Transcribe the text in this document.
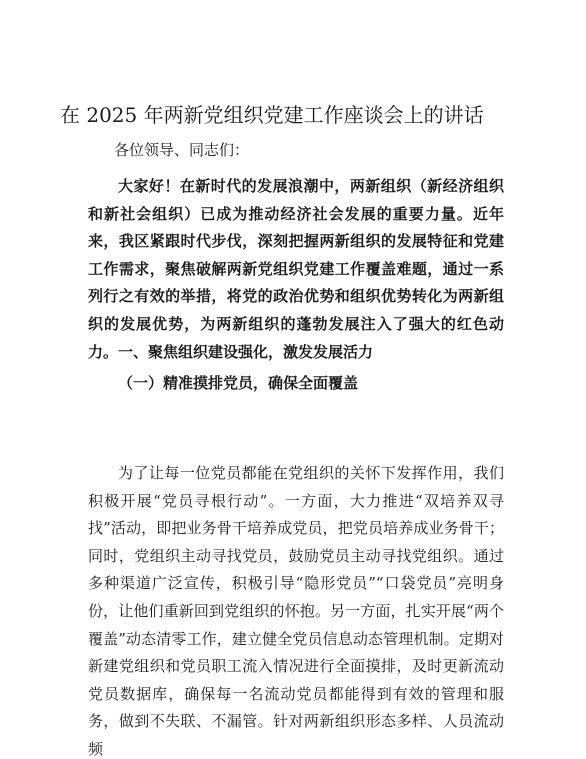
在 2025 年两新党组织党建工作座谈会上的讲话

各位领导、同志们：

大家好！在新时代的发展浪潮中，两新组织（新经济组织和新社会组织）已成为推动经济社会发展的重要力量。近年来，我区紧跟时代步伐，深刻把握两新组织的发展特征和党建工作需求，聚焦破解两新党组织党建工作覆盖难题，通过一系列行之有效的举措，将党的政治优势和组织优势转化为两新组织的发展优势，为两新组织的蓬勃发展注入了强大的红色动力。 一、聚焦组织建设强化，激发发展活力

（一）精准摸排党员，确保全面覆盖

为了让每一位党员都能在党组织的关怀下发挥作用，我们积极开展“党员寻根行动”。一方面，大力推进“双培养双寻找”活动，即把业务骨干培养成党员，把党员培养成业务骨干；同时，党组织主动寻找党员，鼓励党员主动寻找党组织。通过多种渠道广泛宣传，积极引导“隐形党员”“口袋党员”亮明身份，让他们重新回到党组织的怀抱。另一方面，扎实开展“两个覆盖”动态清零工作，建立健全党员信息动态管理机制。定期对新建党组织和党员职工流入情况进行全面摸排，及时更新流动党员数据库，确保每一名流动党员都能得到有效的管理和服务，做到不失联、不漏管。针对两新组织形态多样、人员流动频
